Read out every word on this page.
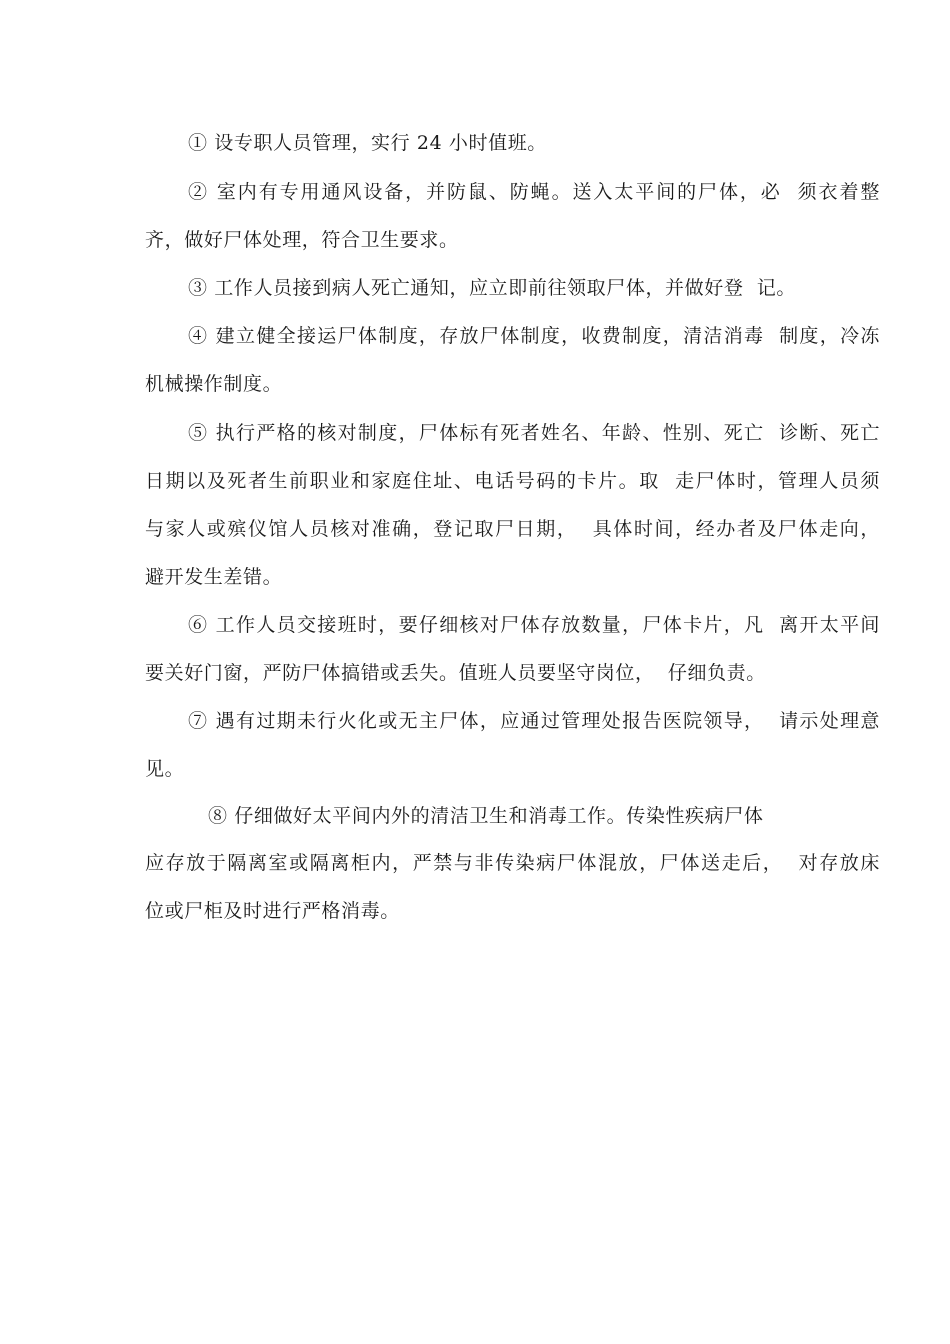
① 设专职人员管理，实行 24 小时值班。
② 室内有专用通风设备，并防鼠、防蝇。送入太平间的尸体，必  须衣着整
齐，做好尸体处理，符合卫生要求。
③ 工作人员接到病人死亡通知，应立即前往领取尸体，并做好登  记。
④ 建立健全接运尸体制度，存放尸体制度，收费制度，清洁消毒  制度，冷冻
机械操作制度。
⑤ 执行严格的核对制度，尸体标有死者姓名、年龄、性别、死亡  诊断、死亡
日期以及死者生前职业和家庭住址、电话号码的卡片。取  走尸体时，管理人员须
与家人或殡仪馆人员核对准确，登记取尸日期，  具体时间，经办者及尸体走向，
避开发生差错。
⑥ 工作人员交接班时，要仔细核对尸体存放数量，尸体卡片，凡  离开太平间
要关好门窗，严防尸体搞错或丢失。值班人员要坚守岗位，  仔细负责。
⑦ 遇有过期未行火化或无主尸体，应通过管理处报告医院领导，  请示处理意
见。
⑧ 仔细做好太平间内外的清洁卫生和消毒工作。传染性疾病尸体
应存放于隔离室或隔离柜内，严禁与非传染病尸体混放，尸体送走后，  对存放床
位或尸柜及时进行严格消毒。
